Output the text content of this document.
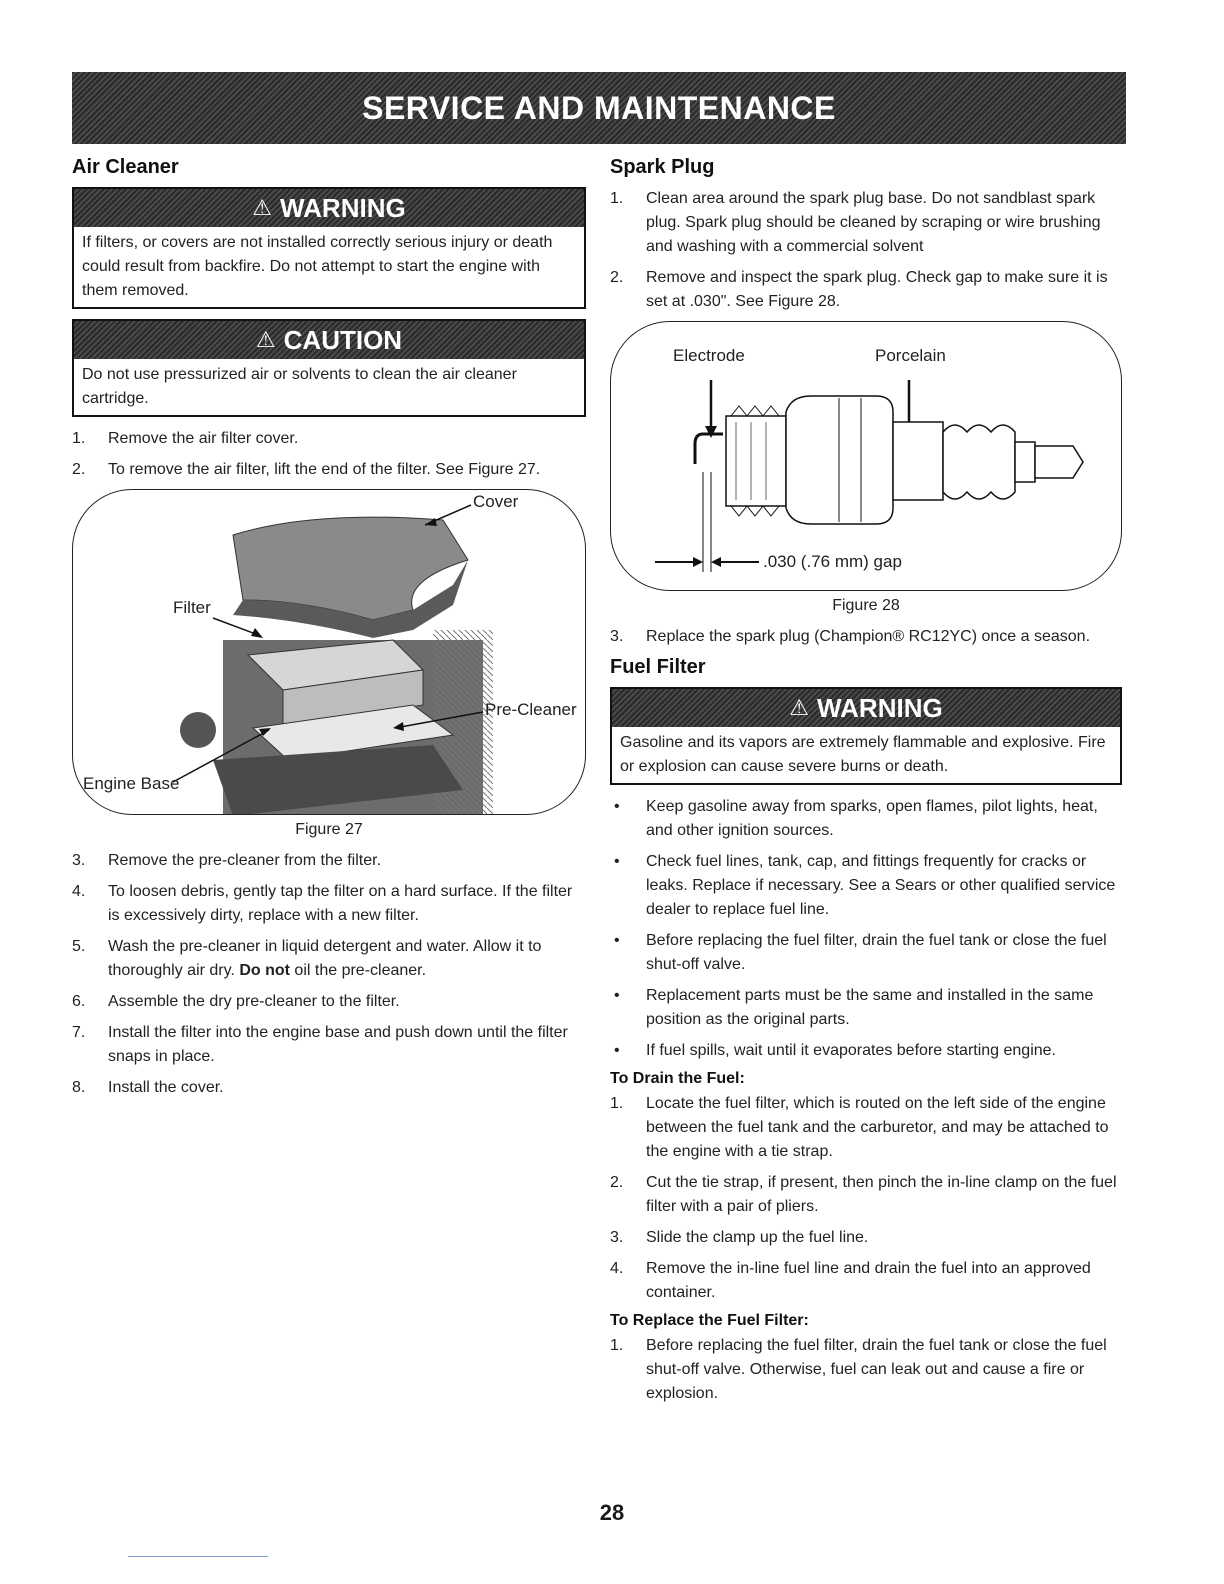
SERVICE AND MAINTENANCE
Air Cleaner
⚠ WARNING
If filters, or covers are not installed correctly serious injury or death could result from backfire. Do not attempt to start the engine with them removed.
⚠ CAUTION
Do not use pressurized air or solvents to clean the air cleaner cartridge.
1. Remove the air filter cover.
2. To remove the air filter, lift the end of the filter. See Figure 27.
Cover
Filter
Pre-Cleaner
Engine Base
Figure 27
3. Remove the pre-cleaner from the filter.
4. To loosen debris, gently tap the filter on a hard surface. If the filter is excessively dirty, replace with a new filter.
5. Wash the pre-cleaner in liquid detergent and water. Allow it to thoroughly air dry. Do not oil the pre-cleaner.
6. Assemble the dry pre-cleaner to the filter.
7. Install the filter into the engine base and push down until the filter snaps in place.
8. Install the cover.
Spark Plug
1. Clean area around the spark plug base. Do not sandblast spark plug. Spark plug should be cleaned by scraping or wire brushing and washing with a commercial solvent
2. Remove and inspect the spark plug. Check gap to make sure it is set at .030". See Figure 28.
Electrode	Porcelain
.030 (.76 mm) gap
Figure 28
3. Replace the spark plug (Champion® RC12YC) once a season.
Fuel Filter
⚠ WARNING
Gasoline and its vapors are extremely flammable and explosive. Fire or explosion can cause severe burns or death.
• Keep gasoline away from sparks, open flames, pilot lights, heat, and other ignition sources.
• Check fuel lines, tank, cap, and fittings frequently for cracks or leaks. Replace if necessary. See a Sears or other qualified service dealer to replace fuel line.
• Before replacing the fuel filter, drain the fuel tank or close the fuel shut-off valve.
• Replacement parts must be the same and installed in the same position as the original parts.
• If fuel spills, wait until it evaporates before starting engine.
To Drain the Fuel:
1. Locate the fuel filter, which is routed on the left side of the engine between the fuel tank and the carburetor, and may be attached to the engine with a tie strap.
2. Cut the tie strap, if present, then pinch the in-line clamp on the fuel filter with a pair of pliers.
3. Slide the clamp up the fuel line.
4. Remove the in-line fuel line and drain the fuel into an approved container.
To Replace the Fuel Filter:
1. Before replacing the fuel filter, drain the fuel tank or close the fuel shut-off valve. Otherwise, fuel can leak out and cause a fire or explosion.
28
